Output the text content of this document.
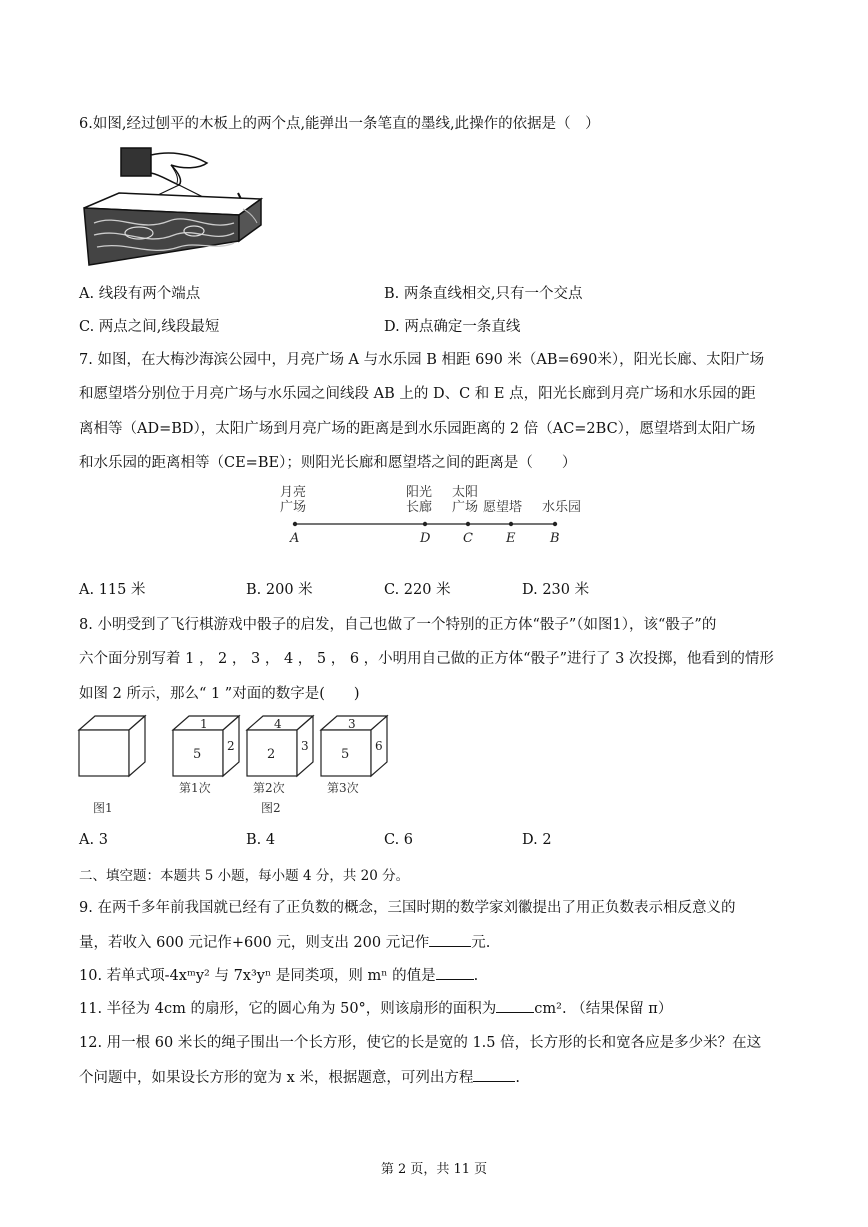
6.如图,经过刨平的木板上的两个点,能弹出一条笔直的墨线,此操作的依据是（　）
A. 线段有两个端点	B. 两条直线相交,只有一个交点
C. 两点之间,线段最短	D. 两点确定一条直线
7. 如图，在大梅沙海滨公园中，月亮广场 A 与水乐园 B 相距 690 米（AB=690米），阳光长廊、太阳广场
和愿望塔分别位于月亮广场与水乐园之间线段 AB 上的 D、C 和 E 点，阳光长廊到月亮广场和水乐园的距
离相等（AD=BD），太阳广场到月亮广场的距离是到水乐园距离的 2 倍（AC=2BC），愿望塔到太阳广场
和水乐园的距离相等（CE=BE）；则阳光长廊和愿望塔之间的距离是（　　）
月亮
广场
阳光
长廊
太阳
广场 愿望塔 水乐园
A	D	C	E	B
A. 115 米	B. 200 米	C. 220 米	D. 230 米
8. 小明受到了飞行棋游戏中骰子的启发，自己也做了一个特别的正方体“骰子”（如图1），该“骰子”的
六个面分别写着 1 ， 2 ， 3 ， 4 ， 5 ， 6 ，小明用自己做的正方体“骰子”进行了 3 次投掷，他看到的情形
如图 2 所示，那么“ 1 ”对面的数字是(　　)
图1
1
5
2
第1次
4
2
3
第2次
图2
3
5
6
第3次
A. 3	B. 4	C. 6	D. 2
二、填空题：本题共 5 小题，每小题 4 分，共 20 分。
9. 在两千多年前我国就已经有了正负数的概念，三国时期的数学家刘徽提出了用正负数表示相反意义的
量，若收入 600 元记作+600 元，则支出 200 元记作	元.
10. 若单式项-4xᵐy² 与 7x³yⁿ 是同类项，则 mⁿ 的值是	.
11. 半径为 4cm 的扇形，它的圆心角为 50°，则该扇形的面积为	cm². （结果保留 π）
12. 用一根 60 米长的绳子围出一个长方形，使它的长是宽的 1.5 倍，长方形的长和宽各应是多少米？在这
个问题中，如果设长方形的宽为 x 米，根据题意，可列出方程	.
第 2 页，共 11 页
